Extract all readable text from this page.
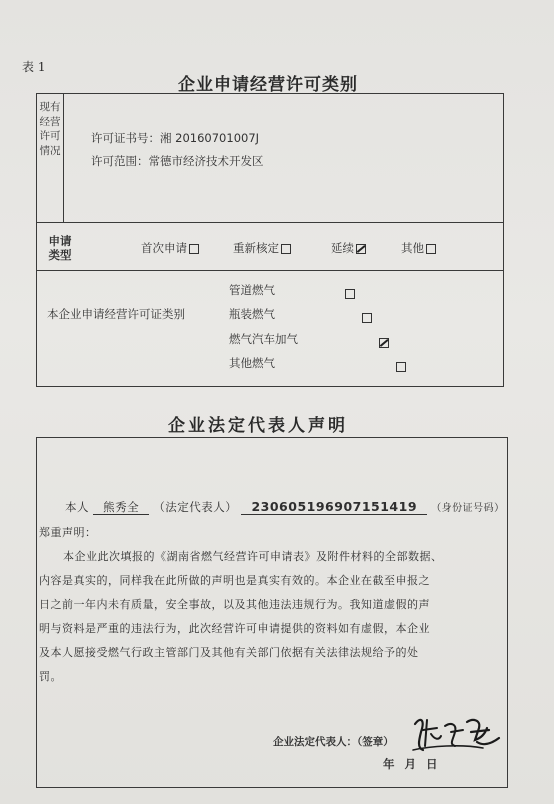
表 1
企业申请经营许可类别
现有经营许可情况
许可证书号：湘 20160701007J
许可范围：常德市经济技术开发区
申请类型	首次申请	重新核定	延续	其他
本企业申请经营许可证类别
管道燃气

瓶装燃气

燃气汽车加气

其他燃气
企业法定代表人声明
本人 熊秀全 （法定代表人） 230605196907151419 （身份证号码）
郑重声明：
本企业此次填报的《湖南省燃气经营许可申请表》及附件材料的全部数据、
内容是真实的，同样我在此所做的声明也是真实有效的。本企业在截至申报之
日之前一年内未有质量，安全事故，以及其他违法违规行为。我知道虚假的声
明与资料是严重的违法行为，此次经营许可申请提供的资料如有虚假，本企业
及本人愿接受燃气行政主管部门及其他有关部门依据有关法律法规给予的处
罚。
企业法定代表人：（签章）
年 月 日
